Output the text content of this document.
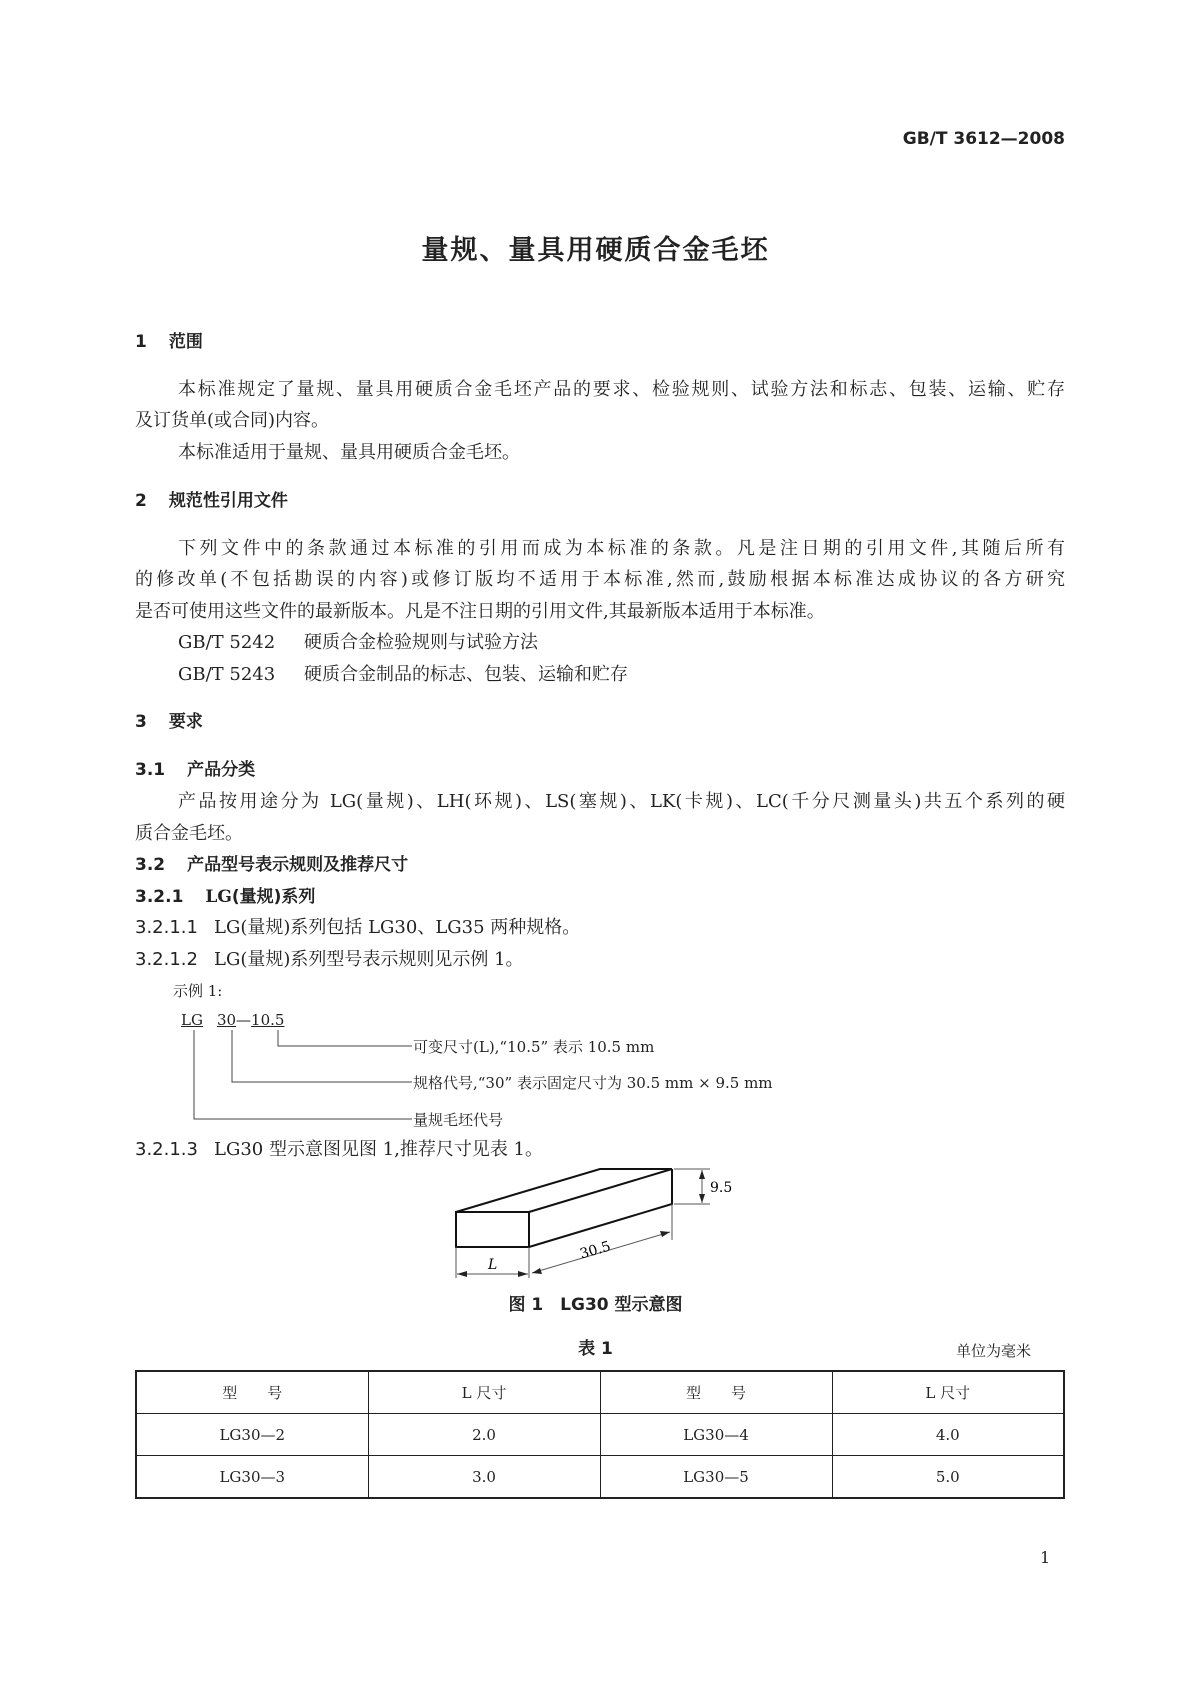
GB/T 3612—2008
量规、量具用硬质合金毛坯
1 范围
本标准规定了量规、量具用硬质合金毛坯产品的要求、检验规则、试验方法和标志、包装、运输、贮存
及订货单(或合同)内容。
本标准适用于量规、量具用硬质合金毛坯。
2 规范性引用文件
下列文件中的条款通过本标准的引用而成为本标准的条款。凡是注日期的引用文件,其随后所有
的修改单(不包括勘误的内容)或修订版均不适用于本标准,然而,鼓励根据本标准达成协议的各方研究
是否可使用这些文件的最新版本。凡是不注日期的引用文件,其最新版本适用于本标准。
GB/T 5242 硬质合金检验规则与试验方法
GB/T 5243 硬质合金制品的标志、包装、运输和贮存
3 要求
3.1 产品分类
产品按用途分为 LG(量规)、LH(环规)、LS(塞规)、LK(卡规)、LC(千分尺测量头)共五个系列的硬
质合金毛坯。
3.2 产品型号表示规则及推荐尺寸
3.2.1 LG(量规)系列
3.2.1.1 LG(量规)系列包括 LG30、LG35 两种规格。
3.2.1.2 LG(量规)系列型号表示规则见示例 1。
示例 1:
LG 30—10.5
可变尺寸(L),“10.5” 表示 10.5 mm
规格代号,“30” 表示固定尺寸为 30.5 mm × 9.5 mm
量规毛坯代号
3.2.1.3 LG30 型示意图见图 1,推荐尺寸见表 1。
9.5
30.5
L
图 1　LG30 型示意图
表 1	单位为毫米
型　　号	L 尺寸	型　　号	L 尺寸
LG30—2	2.0	LG30—4	4.0
LG30—3	3.0	LG30—5	5.0
1
